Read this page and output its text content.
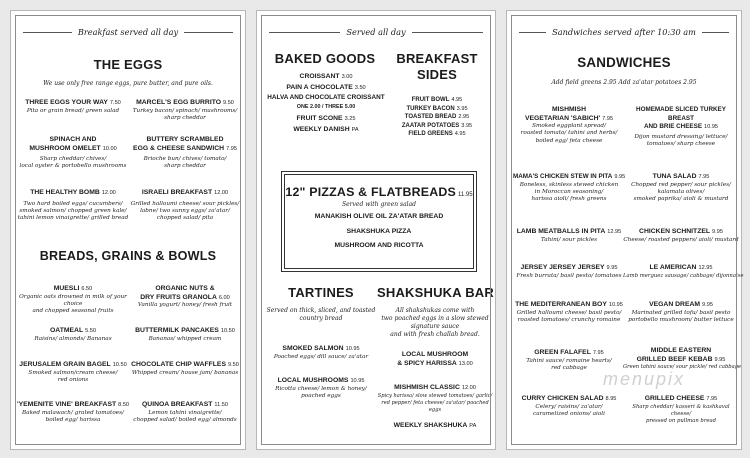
Breakfast served all day
THE EGGS
We use only free range eggs, pure butter, and pure oils.
THREE EGGS YOUR WAY 7.50
Pita or grain bread/ green salad
MARCEL'S EGG BURRITO 9.50
Turkey bacon/ spinach/ mushrooms/
sharp cheddar
SPINACH AND
MUSHROOM OMELET 10.00
Sharp cheddar/ chives/
local oyster & portobello mushrooms
BUTTERY SCRAMBLED
EGG & CHEESE SANDWICH 7.95
Brioche bun/ chives/ tomato/
sharp cheddar
THE HEALTHY BOMB 12.00
Two hard boiled eggs/ cucumbers/
smoked salmon/ chopped green kale/
tahini lemon vinaigrette/ grilled bread
ISRAELI BREAKFAST 12.00
Grilled halloumi cheese/ sour pickles/
labne/ two sunny eggs/ za'atar/
chopped salad/ pita
BREADS, GRAINS & BOWLS
MUESLI 6.50
Organic oats drowned in milk of your choice
and chopped seasonal fruits
ORGANIC NUTS &
DRY FRUITS GRANOLA 6.00
Vanilla yogurt/ honey/ fresh fruit
OATMEAL 5.50
Raisins/ almonds/ Bananas
BUTTERMILK PANCAKES 10.50
Bananas/ whipped cream
JERUSALEM GRAIN BAGEL 10.50
Smoked salmon/cream cheese/
red onions
CHOCOLATE CHIP WAFFLES 9.50
Whipped cream/ house jam/ bananas
'YEMENITE VINE' BREAKFAST 8.50
Baked malawach/ grated tomatoes/
boiled egg/ harissa
QUINOA BREAKFAST 11.50
Lemon tahini vinaigrette/
chopped salad/ boiled egg/ almonds
Served all day
BAKED GOODS
CROISSANT 3.00
PAIN A CHOCOLATE 3.50
HALVA AND CHOCOLATE CROISSANT
ONE 2.00 / THREE 5.00
FRUIT SCONE 3.25
WEEKLY DANISH PA
BREAKFAST
SIDES
FRUIT BOWL 4.95
TURKEY BACON 3.95
TOASTED BREAD 2.95
ZAATAR POTATOES 3.95
FIELD GREENS 4.95
12" PIZZAS & FLATBREADS 11.95
Served with green salad
MANAKISH OLIVE OIL ZA'ATAR BREAD
SHAKSHUKA PIZZA
MUSHROOM AND RICOTTA
TARTINES
Served on thick, sliced, and toasted
country bread
SMOKED SALMON 10.95
Poached eggs/ dill sauce/ za'atar
LOCAL MUSHROOMS 10.95
Ricotta cheese/ lemon & honey/
poached eggs
SHAKSHUKA BAR
All shakshukas come with
two poached eggs in a slow stewed
signature sauce
and with fresh challah bread.
LOCAL MUSHROOM
& SPICY HARISSA 13.00
MISHMISH CLASSIC 12.00
Spicy harissa/ slow stewed tomatoes/ garlic/
red pepper/ feta cheese/ za'atar/ poached eggs
WEEKLY SHAKSHUKA PA
Sandwiches served after 10:30 am
SANDWICHES
Add field greens 2.95 Add za'atar potatoes 2.95
MISHMISH
VEGETARIAN 'SABICH' 7.95
Smoked eggplant spread/
roasted tomato/ tahini and herbs/
boiled egg/ feta cheese
HOMEMADE SLICED TURKEY BREAST
AND BRIE CHEESE 10.95
Dijon mustard dressing/ lettuce/
tomatoes/ sharp cheese
MAMA'S CHICKEN STEW IN PITA 9.95
Boneless, skinless stewed chicken
in Moroccan seasoning/
harissa aioli/ fresh greens
TUNA SALAD 7.95
Chopped red pepper/ sour pickles/
kalamata olives/
smoked paprika/ aioli & mustard
LAMB MEATBALLS IN PITA 12.95
Tahini/ sour pickles
CHICKEN SCHNITZEL 9.95
Cheese/ roasted peppers/ aioli/ mustard
JERSEY JERSEY JERSEY 9.95
Fresh burrata/ basil pesto/ tomatoes
LE AMERICAN 12.95
Lamb merguez sausage/ cabbage/ dijonnaise
THE MEDITERRANEAN BOY 10.95
Grilled halloumi cheese/ basil pesto/
roasted tomatoes/ crunchy romaine
VEGAN DREAM 9.95
Marinated grilled tofu/ basil pesto
portobello mushroom/ butter lettuce
GREEN FALAFEL 7.95
Tahini sauce/ romaine hearts/
red cabbage
MIDDLE EASTERN
GRILLED BEEF KEBAB 9.95
Green tahini sauce/ sour pickle/ red cabbage
CURRY CHICKEN SALAD 8.95
Celery/ raisins/ za'atar/
caramelized onions/ aioli
GRILLED CHEESE 7.95
Sharp cheddar/ kasseri & kashkaval cheese/
pressed on pullman bread
menupix
